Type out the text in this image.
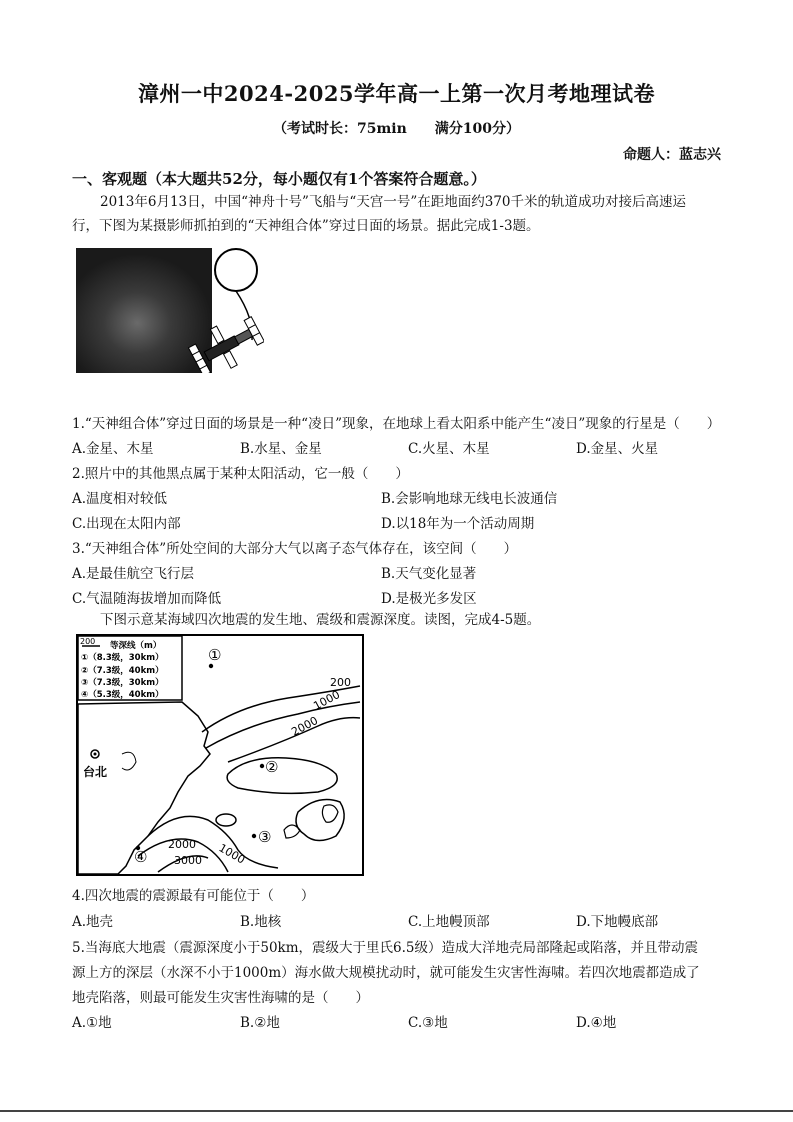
漳州一中2024-2025学年高一上第一次月考地理试卷
（考试时长：75min　　满分100分）
命题人：蓝志兴
一、客观题（本大题共52分，每小题仅有1个答案符合题意。）
2013年6月13日，中国“神舟十号”飞船与“天宫一号”在距地面约370千米的轨道成功对接后高速运
行，下图为某摄影师抓拍到的“天神组合体”穿过日面的场景。据此完成1-3题。
1.“天神组合体”穿过日面的场景是一种“凌日”现象，在地球上看太阳系中能产生“凌日”现象的行星是（　　）
A.金星、木星	B.水星、金星	C.火星、木星	D.金星、火星
2.照片中的其他黑点属于某种太阳活动，它一般（　　）
A.温度相对较低	B.会影响地球无线电长波通信
C.出现在太阳内部	D.以18年为一个活动周期
3.“天神组合体”所处空间的大部分大气以离子态气体存在，该空间（　　）
A.是最佳航空飞行层	B.天气变化显著
C.气温随海拔增加而降低	D.是极光多发区
下图示意某海域四次地震的发生地、震级和震源深度。读图，完成4-5题。
200 等深线（m）
①（8.3级，30km）
②（7.3级，40km）
③（7.3级，30km）
④（5.3级，40km）
200
1000
2000
2000
3000 1000
台北
①
②
③
④
4.四次地震的震源最有可能位于（　　）
A.地壳	B.地核	C.上地幔顶部	D.下地幔底部
5.当海底大地震（震源深度小于50km，震级大于里氏6.5级）造成大洋地壳局部隆起或陷落，并且带动震
源上方的深层（水深不小于1000m）海水做大规模扰动时，就可能发生灾害性海啸。若四次地震都造成了
地壳陷落，则最可能发生灾害性海啸的是（　　）
A.①地	B.②地	C.③地	D.④地
